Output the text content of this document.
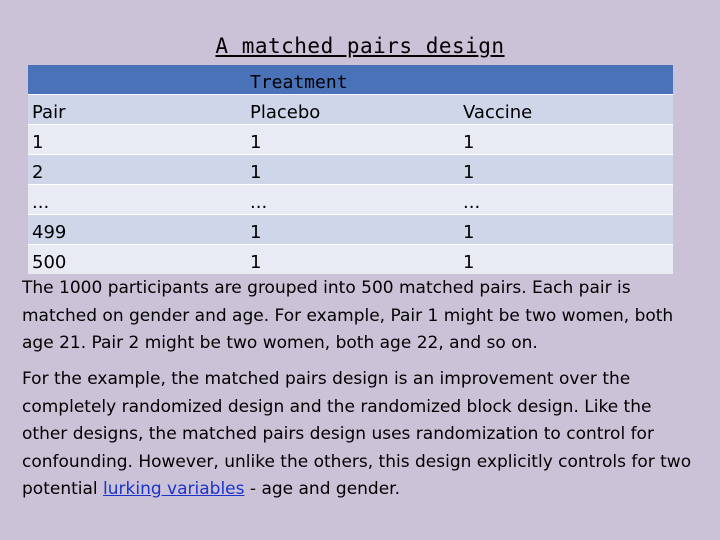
A matched pairs design
	Treatment	
Pair	Placebo	Vaccine
1	1	1
2	1	1
...	...	...
499	1	1
500	1	1

The 1000 participants are grouped into 500 matched pairs. Each pair is matched on gender and age. For example, Pair 1 might be two women, both age 21. Pair 2 might be two women, both age 22, and so on.

For the example, the matched pairs design is an improvement over the completely randomized design and the randomized block design. Like the other designs, the matched pairs design uses randomization to control for confounding. However, unlike the others, this design explicitly controls for two potential lurking variables - age and gender.
